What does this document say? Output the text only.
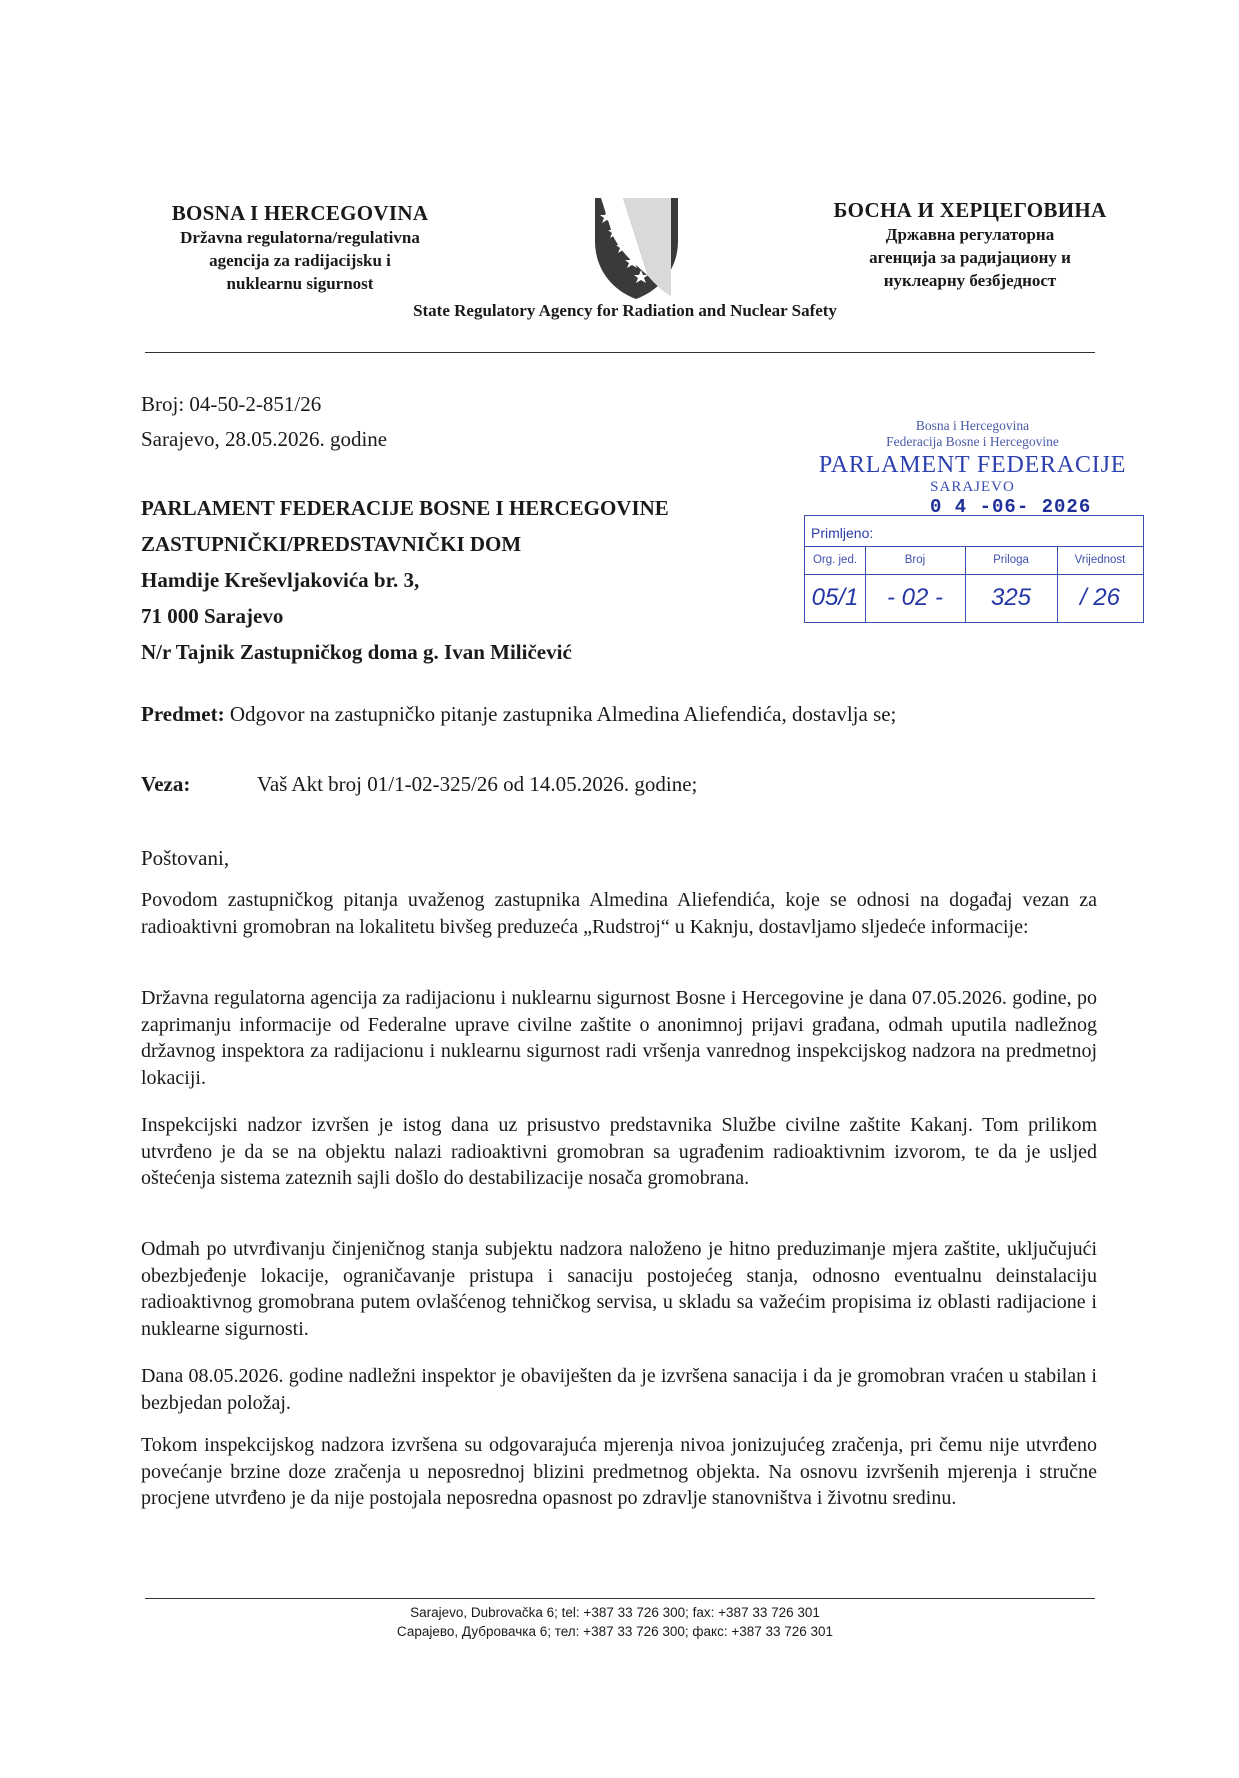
BOSNA I HERCEGOVINA
Državna regulatorna/regulativna
agencija za radijacijsku i
nuklearnu sigurnost
БОСНА И ХЕРЦЕГОВИНА
Државна регулаторна
агенција за радијациону и
нуклеарну безбједност
State Regulatory Agency for Radiation and Nuclear Safety
Broj: 04-50-2-851/26
Sarajevo, 28.05.2026. godine
PARLAMENT FEDERACIJE BOSNE I HERCEGOVINE
ZASTUPNIČKI/PREDSTAVNIČKI DOM
Hamdije Kreševljakovića br. 3,
71 000 Sarajevo
N/r Tajnik Zastupničkog doma g. Ivan Miličević
Bosna i Hercegovina
Federacija Bosne i Hercegovine
PARLAMENT FEDERACIJE
SARAJEVO
Primljeno:
0 4 -06- 2026
Org. jed.	Broj	Priloga	Vrijednost
05/1	- 02 -	325	/ 26
Predmet: Odgovor na zastupničko pitanje zastupnika Almedina Aliefendića, dostavlja se;
Veza:	Vaš Akt broj 01/1-02-325/26 od 14.05.2026. godine;
Poštovani,
Povodom zastupničkog pitanja uvaženog zastupnika Almedina Aliefendića, koje se odnosi na događaj vezan za radioaktivni gromobran na lokalitetu bivšeg preduzeća „Rudstroj“ u Kaknju, dostavljamo sljedeće informacije:
Državna regulatorna agencija za radijacionu i nuklearnu sigurnost Bosne i Hercegovine je dana 07.05.2026. godine, po zaprimanju informacije od Federalne uprave civilne zaštite o anonimnoj prijavi građana, odmah uputila nadležnog državnog inspektora za radijacionu i nuklearnu sigurnost radi vršenja vanrednog inspekcijskog nadzora na predmetnoj lokaciji.
Inspekcijski nadzor izvršen je istog dana uz prisustvo predstavnika Službe civilne zaštite Kakanj. Tom prilikom utvrđeno je da se na objektu nalazi radioaktivni gromobran sa ugrađenim radioaktivnim izvorom, te da je usljed oštećenja sistema zateznih sajli došlo do destabilizacije nosača gromobrana.
Odmah po utvrđivanju činjeničnog stanja subjektu nadzora naloženo je hitno preduzimanje mjera zaštite, uključujući obezbjeđenje lokacije, ograničavanje pristupa i sanaciju postojećeg stanja, odnosno eventualnu deinstalaciju radioaktivnog gromobrana putem ovlašćenog tehničkog servisa, u skladu sa važećim propisima iz oblasti radijacione i nuklearne sigurnosti.
Dana 08.05.2026. godine nadležni inspektor je obaviješten da je izvršena sanacija i da je gromobran vraćen u stabilan i bezbjedan položaj.
Tokom inspekcijskog nadzora izvršena su odgovarajuća mjerenja nivoa jonizujućeg zračenja, pri čemu nije utvrđeno povećanje brzine doze zračenja u neposrednoj blizini predmetnog objekta. Na osnovu izvršenih mjerenja i stručne procjene utvrđeno je da nije postojala neposredna opasnost po zdravlje stanovništva i životnu sredinu.
Sarajevo, Dubrovačka 6; tel: +387 33 726 300; fax: +387 33 726 301
Сарајево, Дубровачка 6; тел: +387 33 726 300; факс: +387 33 726 301
